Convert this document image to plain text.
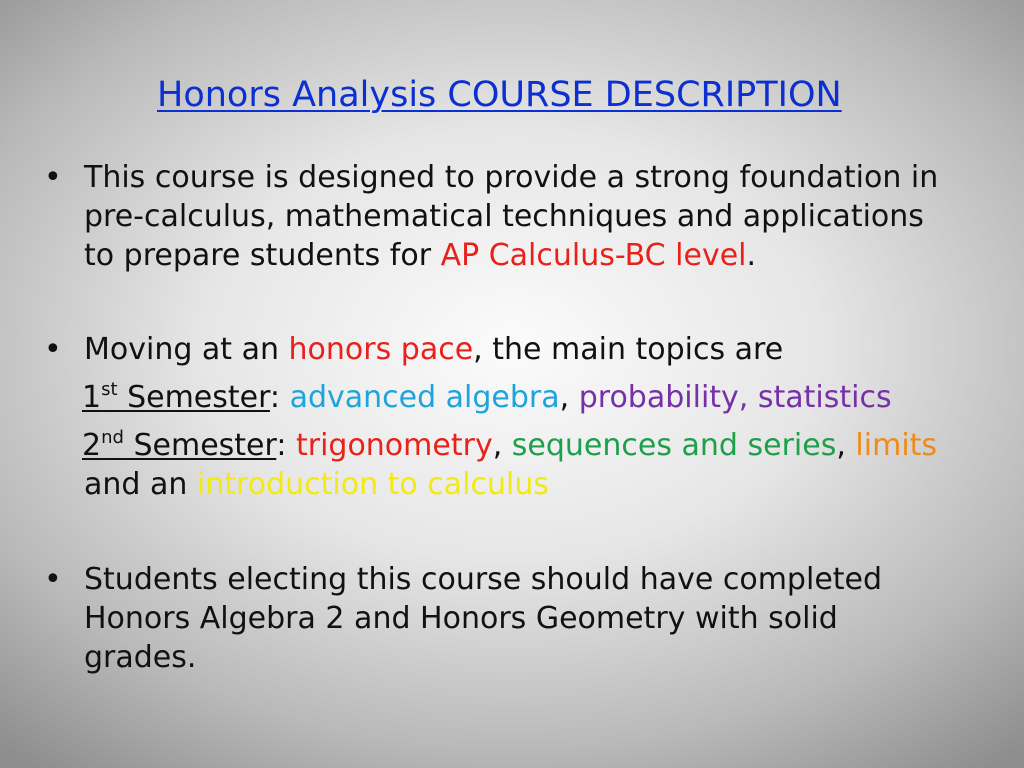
Honors Analysis COURSE DESCRIPTION
• This course is designed to provide a strong foundation in
pre-calculus, mathematical techniques and applications
to prepare students for AP Calculus-BC level.
• Moving at an honors pace, the main topics are
1st Semester: advanced algebra, probability, statistics
2nd Semester: trigonometry, sequences and series, limits
and an introduction to calculus
• Students electing this course should have completed
Honors Algebra 2 and Honors Geometry with solid
grades.
